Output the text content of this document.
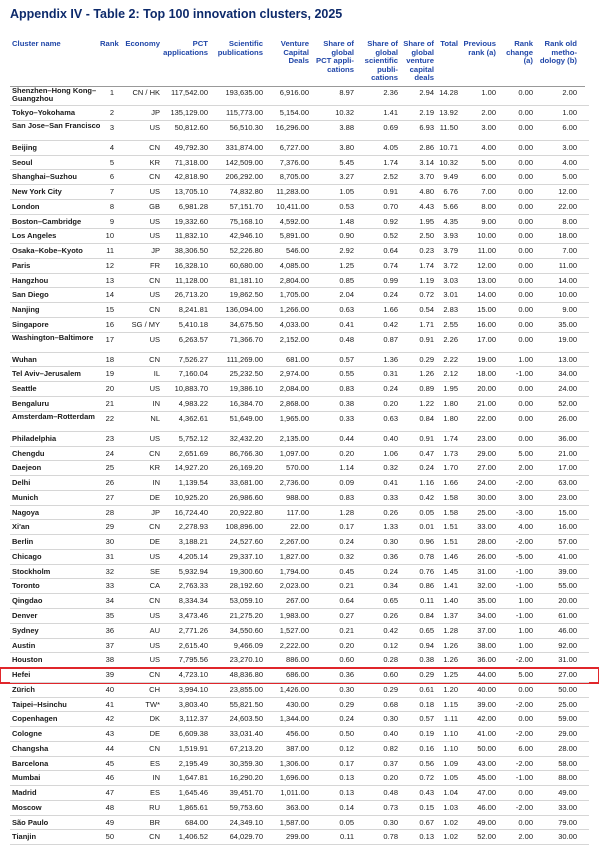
Appendix IV - Table 2: Top 100 innovation clusters, 2025
Cluster name	Rank Economy	PCT
applications
Scientific
publications
Venture
Capital
Deals
Share of
global
PCT appli-
cations
Share of
global
scientific
publi-
cations
Share of
global
venture
capital
deals
Total Previous
rank (a)
Rank
change
(a)
Rank old
metho-
dology (b)
Shenzhen–Hong Kong–Guangzhou
1	CN / HK	117,542.00	193,635.00	6,916.00	8.97	2.36	2.94 14.28	1.00	0.00	2.00
Tokyo–Yokohama	2	JP	135,129.00	115,773.00	5,154.00	10.32	1.41	2.19 13.92	2.00	0.00	1.00
San Jose–San Francisco	3	US	50,812.60	56,510.30	16,296.00	3.88	0.69	6.93 11.50	3.00	0.00	6.00
Beijing	4	CN	49,792.30	331,874.00	6,727.00	3.80	4.05	2.86 10.71	4.00	0.00	3.00
Seoul	5	KR	71,318.00	142,509.00	7,376.00	5.45	1.74	3.14 10.32	5.00	0.00	4.00
Shanghai–Suzhou	6	CN	42,818.90	206,292.00	8,705.00	3.27	2.52	3.70	9.49	6.00	0.00	5.00
New York City	7	US	13,705.10	74,832.80	11,283.00	1.05	0.91	4.80	6.76	7.00	0.00	12.00
London	8	GB	6,981.28	57,151.70	10,411.00	0.53	0.70	4.43	5.66	8.00	0.00	22.00
Boston–Cambridge	9	US	19,332.60	75,168.10	4,592.00	1.48	0.92	1.95	4.35	9.00	0.00	8.00
Los Angeles	10	US	11,832.10	42,946.10	5,891.00	0.90	0.52	2.50	3.93	10.00	0.00	18.00
Osaka–Kobe–Kyoto	11	JP	38,306.50	52,226.80	546.00	2.92	0.64	0.23	3.79	11.00	0.00	7.00
Paris	12	FR	16,328.10	60,680.00	4,085.00	1.25	0.74	1.74	3.72	12.00	0.00	11.00
Hangzhou	13	CN	11,128.00	81,181.10	2,804.00	0.85	0.99	1.19	3.03	13.00	0.00	14.00
San Diego	14	US	26,713.20	19,862.50	1,705.00	2.04	0.24	0.72	3.01	14.00	0.00	10.00
Nanjing	15	CN	8,241.81	136,094.00	1,266.00	0.63	1.66	0.54	2.83	15.00	0.00	9.00
Singapore	16	SG / MY	5,410.18	34,675.50	4,033.00	0.41	0.42	1.71	2.55	16.00	0.00	35.00
Washington–Baltimore	17	US	6,263.57	71,366.70	2,152.00	0.48	0.87	0.91	2.26	17.00	0.00	19.00
Wuhan	18	CN	7,526.27	111,269.00	681.00	0.57	1.36	0.29	2.22	19.00	1.00	13.00
Tel Aviv–Jerusalem	19	IL	7,160.04	25,232.50	2,974.00	0.55	0.31	1.26	2.12	18.00	-1.00	34.00
Seattle	20	US	10,883.70	19,386.10	2,084.00	0.83	0.24	0.89	1.95	20.00	0.00	24.00
Bengaluru	21	IN	4,983.22	16,384.70	2,868.00	0.38	0.20	1.22	1.80	21.00	0.00	52.00
Amsterdam–Rotterdam	22	NL	4,362.61	51,649.00	1,965.00	0.33	0.63	0.84	1.80	22.00	0.00	26.00
Philadelphia	23	US	5,752.12	32,432.20	2,135.00	0.44	0.40	0.91	1.74	23.00	0.00	36.00
Chengdu	24	CN	2,651.69	86,766.30	1,097.00	0.20	1.06	0.47	1.73	29.00	5.00	21.00
Daejeon	25	KR	14,927.20	26,169.20	570.00	1.14	0.32	0.24	1.70	27.00	2.00	17.00
Delhi	26	IN	1,139.54	33,681.00	2,736.00	0.09	0.41	1.16	1.66	24.00	-2.00	63.00
Munich	27	DE	10,925.20	26,986.60	988.00	0.83	0.33	0.42	1.58	30.00	3.00	23.00
Nagoya	28	JP	16,724.40	20,922.80	117.00	1.28	0.26	0.05	1.58	25.00	-3.00	15.00
Xi'an	29	CN	2,278.93	108,896.00	22.00	0.17	1.33	0.01	1.51	33.00	4.00	16.00
Berlin	30	DE	3,188.21	24,527.60	2,267.00	0.24	0.30	0.96	1.51	28.00	-2.00	57.00
Chicago	31	US	4,205.14	29,337.10	1,827.00	0.32	0.36	0.78	1.46	26.00	-5.00	41.00
Stockholm	32	SE	5,932.94	19,300.60	1,794.00	0.45	0.24	0.76	1.45	31.00	-1.00	39.00
Toronto	33	CA	2,763.33	28,192.60	2,023.00	0.21	0.34	0.86	1.41	32.00	-1.00	55.00
Qingdao	34	CN	8,334.34	53,059.10	267.00	0.64	0.65	0.11	1.40	35.00	1.00	20.00
Denver	35	US	3,473.46	21,275.20	1,983.00	0.27	0.26	0.84	1.37	34.00	-1.00	61.00
Sydney	36	AU	2,771.26	34,550.60	1,527.00	0.21	0.42	0.65	1.28	37.00	1.00	46.00
Austin	37	US	2,615.40	9,466.09	2,222.00	0.20	0.12	0.94	1.26	38.00	1.00	92.00
Houston	38	US	7,795.56	23,270.10	886.00	0.60	0.28	0.38	1.26	36.00	-2.00	31.00
Hefei	39	CN	4,723.10	48,836.80	686.00	0.36	0.60	0.29	1.25	44.00	5.00	27.00
Zürich	40	CH	3,994.10	23,855.00	1,426.00	0.30	0.29	0.61	1.20	40.00	0.00	50.00
Taipei–Hsinchu	41	TW*	3,803.40	55,821.50	430.00	0.29	0.68	0.18	1.15	39.00	-2.00	25.00
Copenhagen	42	DK	3,112.37	24,603.50	1,344.00	0.24	0.30	0.57	1.11	42.00	0.00	59.00
Cologne	43	DE	6,609.38	33,031.40	456.00	0.50	0.40	0.19	1.10	41.00	-2.00	29.00
Changsha	44	CN	1,519.91	67,213.20	387.00	0.12	0.82	0.16	1.10	50.00	6.00	28.00
Barcelona	45	ES	2,195.49	30,359.30	1,306.00	0.17	0.37	0.56	1.09	43.00	-2.00	58.00
Mumbai	46	IN	1,647.81	16,290.20	1,696.00	0.13	0.20	0.72	1.05	45.00	-1.00	88.00
Madrid	47	ES	1,645.46	39,451.70	1,011.00	0.13	0.48	0.43	1.04	47.00	0.00	49.00
Moscow	48	RU	1,865.61	59,753.60	363.00	0.14	0.73	0.15	1.03	46.00	-2.00	33.00
São Paulo	49	BR	684.00	24,349.10	1,587.00	0.05	0.30	0.67	1.02	49.00	0.00	79.00
Tianjin	50	CN	1,406.52	64,029.70	299.00	0.11	0.78	0.13	1.02	52.00	2.00	30.00
